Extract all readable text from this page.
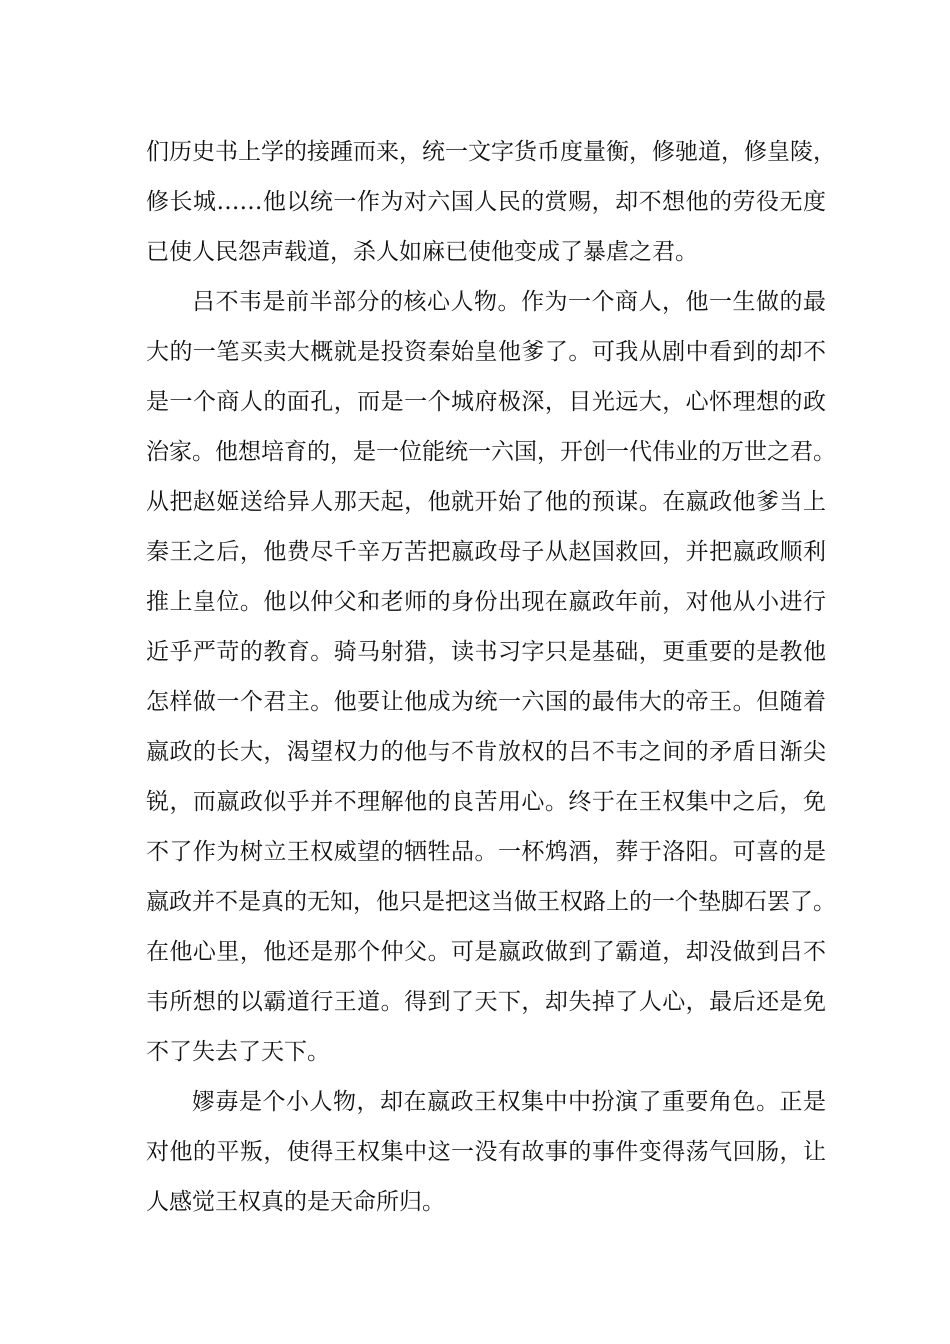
们历史书上学的接踵而来，统一文字货币度量衡，修驰道，修皇陵，
修长城……他以统一作为对六国人民的赏赐，却不想他的劳役无度
已使人民怨声载道，杀人如麻已使他变成了暴虐之君。
吕不韦是前半部分的核心人物。作为一个商人，他一生做的最
大的一笔买卖大概就是投资秦始皇他爹了。可我从剧中看到的却不
是一个商人的面孔，而是一个城府极深，目光远大，心怀理想的政
治家。他想培育的，是一位能统一六国，开创一代伟业的万世之君。
从把赵姬送给异人那天起，他就开始了他的预谋。在嬴政他爹当上
秦王之后，他费尽千辛万苦把嬴政母子从赵国救回，并把嬴政顺利
推上皇位。他以仲父和老师的身份出现在嬴政年前，对他从小进行
近乎严苛的教育。骑马射猎，读书习字只是基础，更重要的是教他
怎样做一个君主。他要让他成为统一六国的最伟大的帝王。但随着
嬴政的长大，渴望权力的他与不肯放权的吕不韦之间的矛盾日渐尖
锐，而嬴政似乎并不理解他的良苦用心。终于在王权集中之后，免
不了作为树立王权威望的牺牲品。一杯鸩酒，葬于洛阳。可喜的是
嬴政并不是真的无知，他只是把这当做王权路上的一个垫脚石罢了。
在他心里，他还是那个仲父。可是嬴政做到了霸道，却没做到吕不
韦所想的以霸道行王道。得到了天下，却失掉了人心，最后还是免
不了失去了天下。
嫪毐是个小人物，却在嬴政王权集中中扮演了重要角色。正是
对他的平叛，使得王权集中这一没有故事的事件变得荡气回肠，让
人感觉王权真的是天命所归。
